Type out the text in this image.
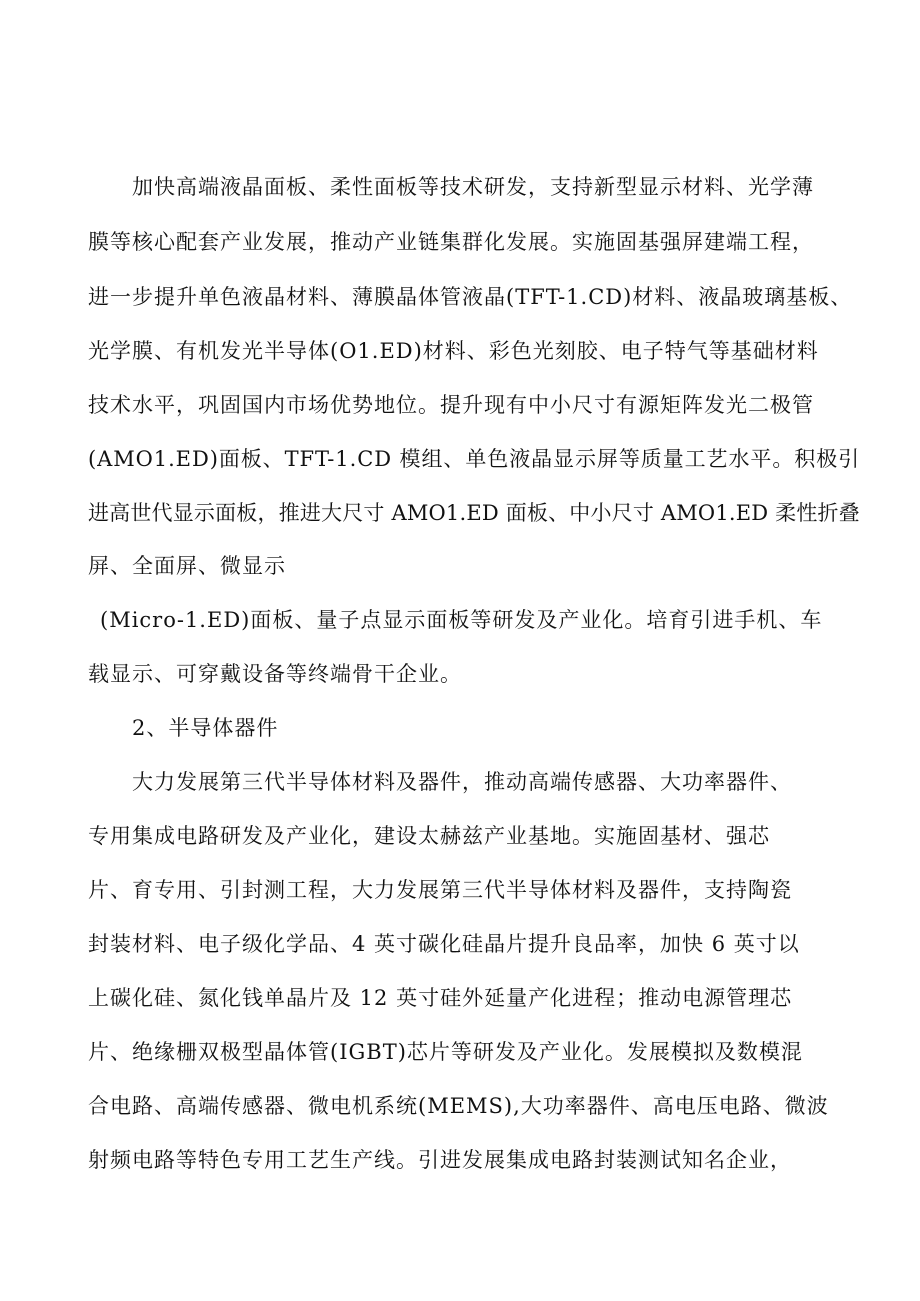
加快高端液晶面板、柔性面板等技术研发，支持新型显示材料、光学薄
膜等核心配套产业发展，推动产业链集群化发展。实施固基强屏建端工程，
进一步提升单色液晶材料、薄膜晶体管液晶(TFT-1.CD)材料、液晶玻璃基板、
光学膜、有机发光半导体(O1.ED)材料、彩色光刻胶、电子特气等基础材料
技术水平，巩固国内市场优势地位。提升现有中小尺寸有源矩阵发光二极管
(AMO1.ED)面板、TFT-1.CD 模组、单色液晶显示屏等质量工艺水平。积极引
进高世代显示面板，推进大尺寸 AMO1.ED 面板、中小尺寸 AMO1.ED 柔性折叠
屏、全面屏、微显示
(Micro-1.ED)面板、量子点显示面板等研发及产业化。培育引进手机、车
载显示、可穿戴设备等终端骨干企业。
2、半导体器件
大力发展第三代半导体材料及器件，推动高端传感器、大功率器件、
专用集成电路研发及产业化，建设太赫兹产业基地。实施固基材、强芯
片、育专用、引封测工程，大力发展第三代半导体材料及器件，支持陶瓷
封装材料、电子级化学品、4 英寸碳化硅晶片提升良品率，加快 6 英寸以
上碳化硅、氮化钱单晶片及 12 英寸硅外延量产化进程；推动电源管理芯
片、绝缘栅双极型晶体管(IGBT)芯片等研发及产业化。发展模拟及数模混
合电路、高端传感器、微电机系统(MEMS),大功率器件、高电压电路、微波
射频电路等特色专用工艺生产线。引进发展集成电路封装测试知名企业，
